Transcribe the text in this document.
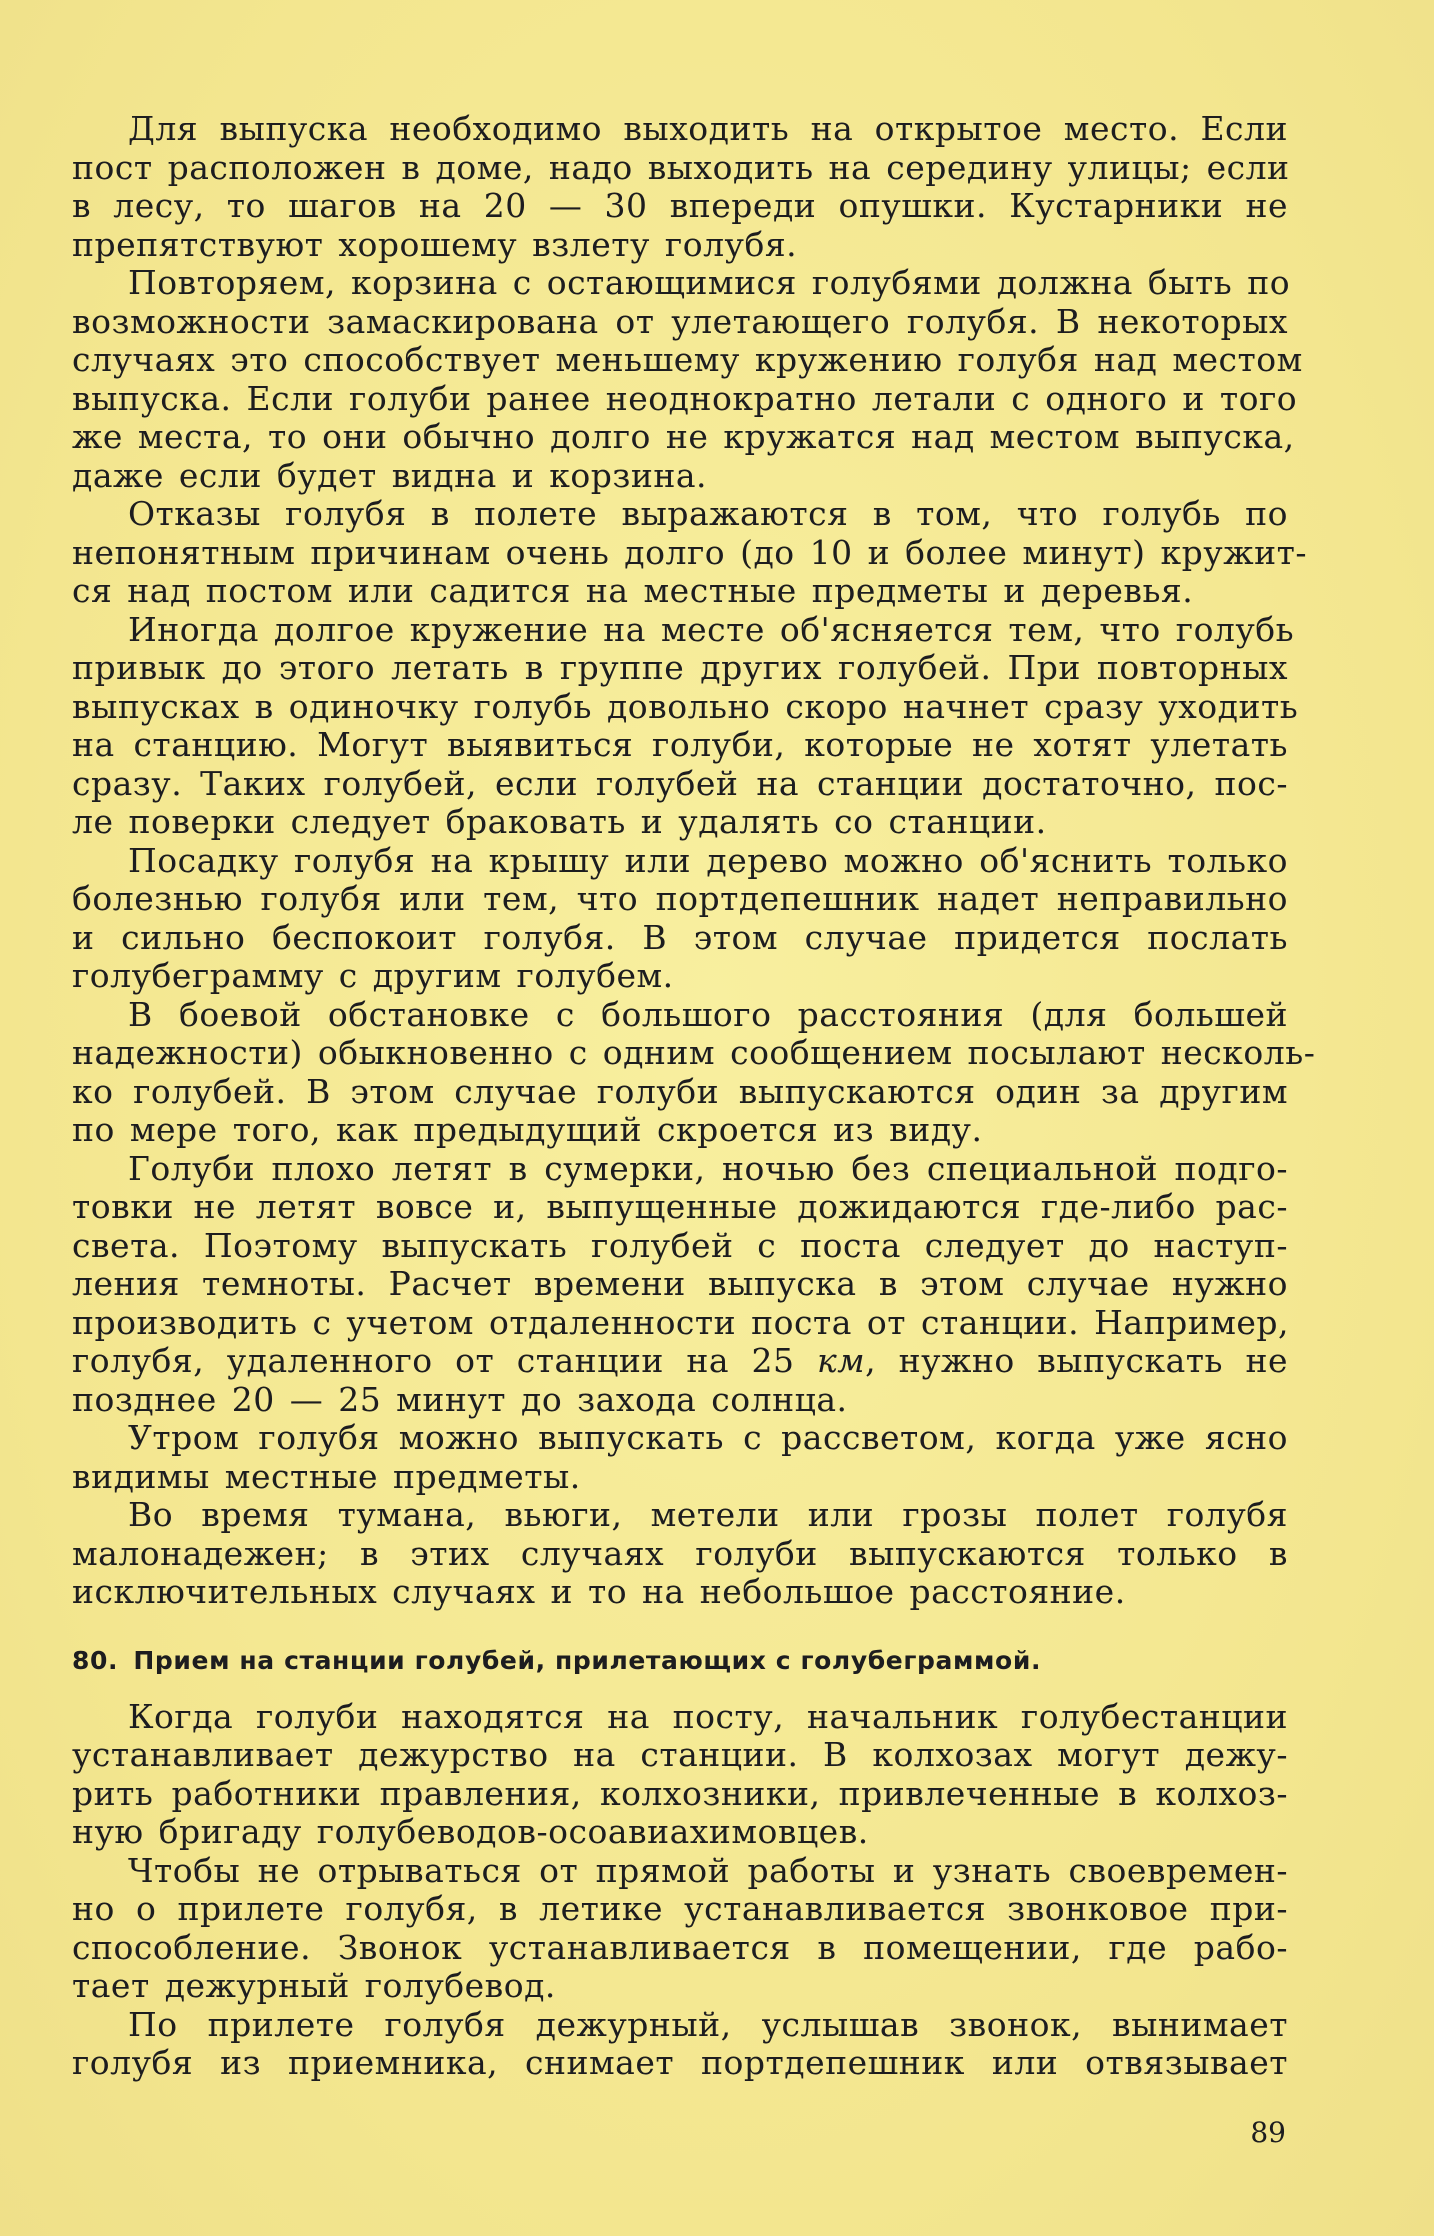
Для выпуска необходимо выходить на открытое место. Если
пост расположен в доме, надо выходить на середину улицы; если
в лесу, то шагов на 20 — 30 впереди опушки. Кустарники не
препятствуют хорошему взлету голубя.

Повторяем, корзина с остающимися голубями должна быть по
возможности замаскирована от улетающего голубя. В некоторых
случаях это способствует меньшему кружению голубя над местом
выпуска. Если голуби ранее неоднократно летали с одного и того
же места, то они обычно долго не кружатся над местом выпуска,
даже если будет видна и корзина.

Отказы голубя в полете выражаются в том, что голубь по
непонятным причинам очень долго (до 10 и более минут) кружит-
ся над постом или садится на местные предметы и деревья.

Иногда долгое кружение на месте об'ясняется тем, что голубь
привык до этого летать в группе других голубей. При повторных
выпусках в одиночку голубь довольно скоро начнет сразу уходить
на станцию. Могут выявиться голуби, которые не хотят улетать
сразу. Таких голубей, если голубей на станции достаточно, пос-
ле поверки следует браковать и удалять со станции.

Посадку голубя на крышу или дерево можно об'яснить только
болезнью голубя или тем, что портдепешник надет неправильно
и сильно беспокоит голубя. В этом случае придется послать
голубеграмму с другим голубем.

В боевой обстановке с большого расстояния (для большей
надежности) обыкновенно с одним сообщением посылают несколь-
ко голубей. В этом случае голуби выпускаются один за другим
по мере того, как предыдущий скроется из виду.

Голуби плохо летят в сумерки, ночью без специальной подго-
товки не летят вовсе и, выпущенные дожидаются где-либо рас-
света. Поэтому выпускать голубей с поста следует до наступ-
ления темноты. Расчет времени выпуска в этом случае нужно
производить с учетом отдаленности поста от станции. Например,
голубя, удаленного от станции на 25 км, нужно выпускать не
позднее 20 — 25 минут до захода солнца.

Утром голубя можно выпускать с рассветом, когда уже ясно
видимы местные предметы.

Во время тумана, вьюги, метели или грозы полет голубя
малонадежен; в этих случаях голуби выпускаются только в
исключительных случаях и то на небольшое расстояние.

80. Прием на станции голубей, прилетающих с голубеграммой.

Когда голуби находятся на посту, начальник голубестанции
устанавливает дежурство на станции. В колхозах могут дежу-
рить работники правления, колхозники, привлеченные в колхоз-
ную бригаду голубеводов-осоавиахимовцев.

Чтобы не отрываться от прямой работы и узнать своевремен-
но о прилете голубя, в летике устанавливается звонковое при-
способление. Звонок устанавливается в помещении, где рабо-
тает дежурный голубевод.

По прилете голубя дежурный, услышав звонок, вынимает
голубя из приемника, снимает портдепешник или отвязывает

89
